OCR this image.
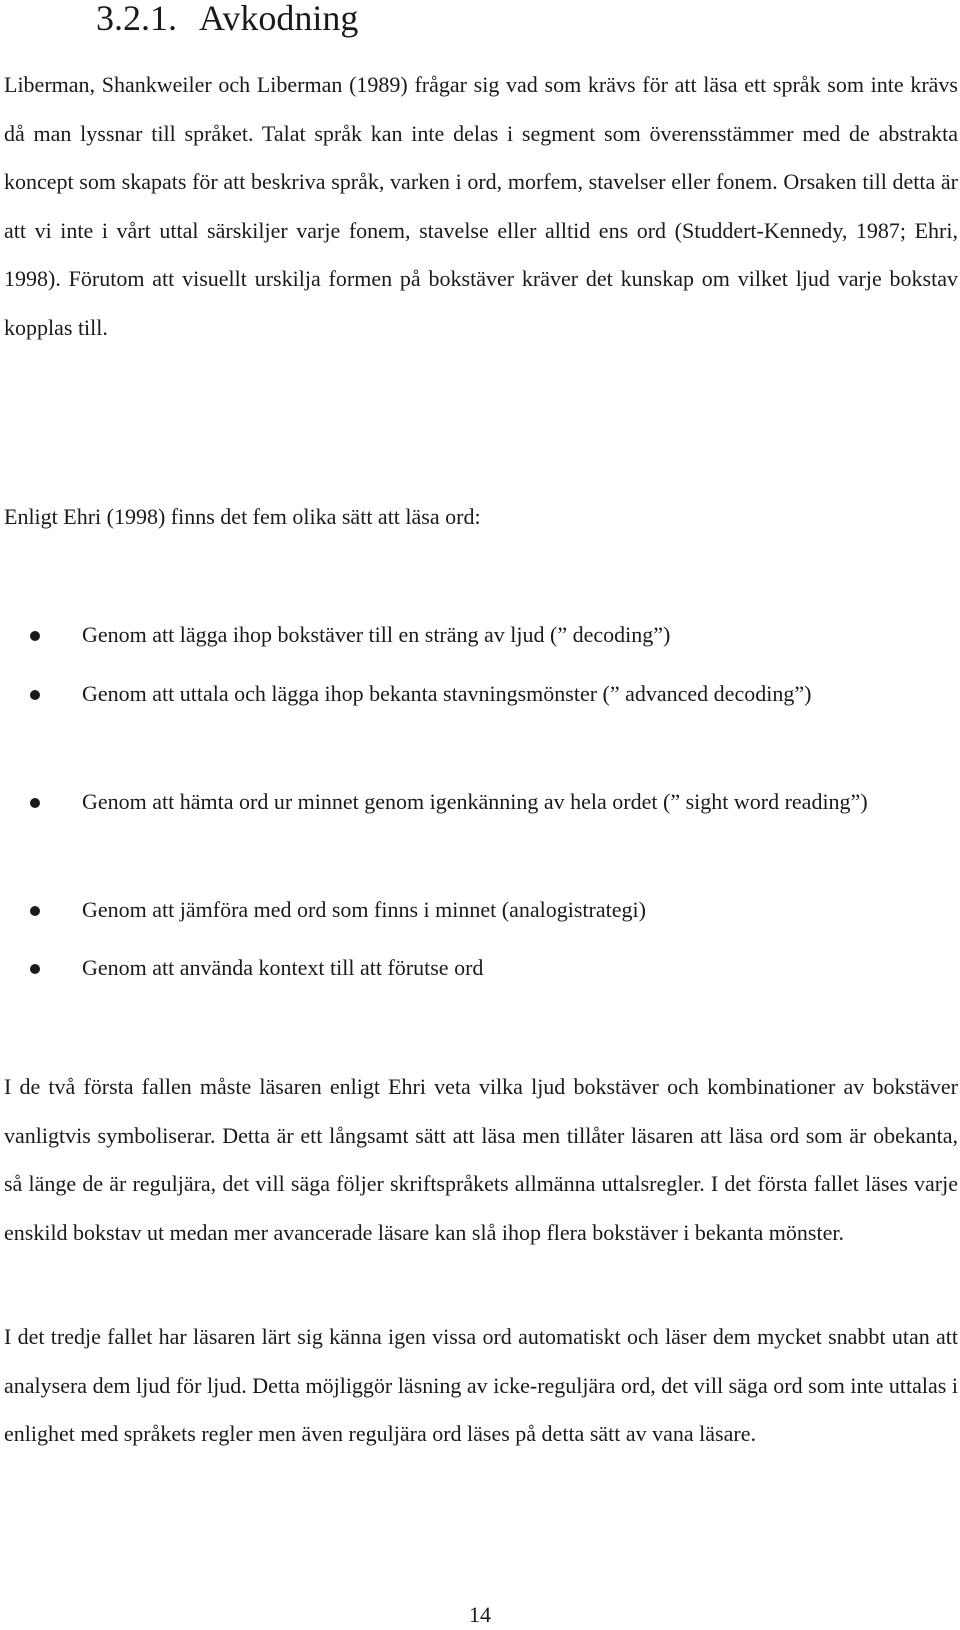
3.2.1. Avkodning

Liberman, Shankweiler och Liberman (1989) frågar sig vad som krävs för att läsa ett språk som inte krävs då man lyssnar till språket. Talat språk kan inte delas i segment som överensstämmer med de abstrakta koncept som skapats för att beskriva språk, varken i ord, morfem, stavelser eller fonem. Orsaken till detta är att vi inte i vårt uttal särskiljer varje fonem, stavelse eller alltid ens ord (Studdert-Kennedy, 1987; Ehri, 1998). Förutom att visuellt urskilja formen på bokstäver kräver det kunskap om vilket ljud varje bokstav kopplas till.

Enligt Ehri (1998) finns det fem olika sätt att läsa ord:

Genom att lägga ihop bokstäver till en sträng av ljud (” decoding”)

Genom att uttala och lägga ihop bekanta stavningsmönster (” advanced decoding”)

Genom att hämta ord ur minnet genom igenkänning av hela ordet (” sight word reading”)

Genom att jämföra med ord som finns i minnet (analogistrategi)

Genom att använda kontext till att förutse ord

I de två första fallen måste läsaren enligt Ehri veta vilka ljud bokstäver och kombinationer av bokstäver vanligtvis symboliserar. Detta är ett långsamt sätt att läsa men tillåter läsaren att läsa ord som är obekanta, så länge de är reguljära, det vill säga följer skriftspråkets allmänna uttalsregler. I det första fallet läses varje enskild bokstav ut medan mer avancerade läsare kan slå ihop flera bokstäver i bekanta mönster.

I det tredje fallet har läsaren lärt sig känna igen vissa ord automatiskt och läser dem mycket snabbt utan att analysera dem ljud för ljud. Detta möjliggör läsning av icke-reguljära ord, det vill säga ord som inte uttalas i enlighet med språkets regler men även reguljära ord läses på detta sätt av vana läsare.

14
